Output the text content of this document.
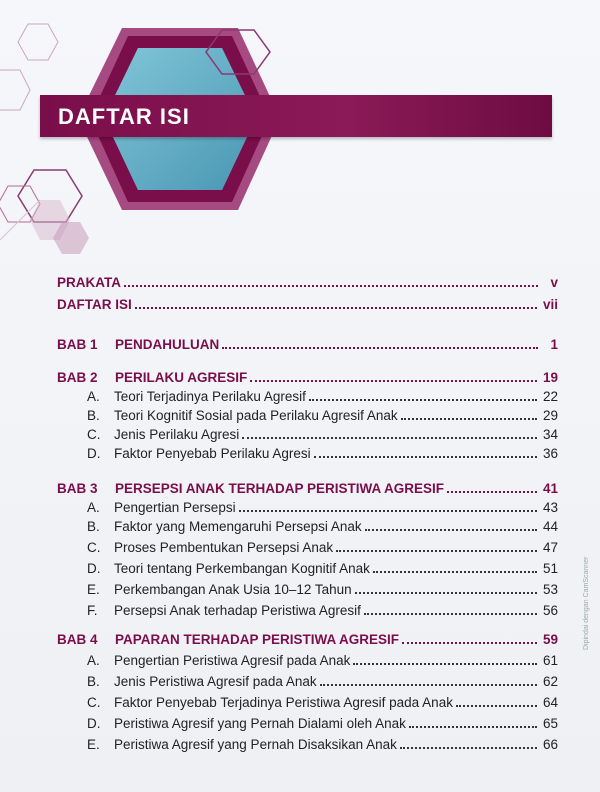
DAFTAR ISI
PRAKATA	v
DAFTAR ISI	vii
BAB 1	PENDAHULUAN	1
BAB 2	PERILAKU AGRESIF	19
A.	Teori Terjadinya Perilaku Agresif	22
B.	Teori Kognitif Sosial pada Perilaku Agresif Anak	29
C.	Jenis Perilaku Agresi	34
D.	Faktor Penyebab Perilaku Agresi	36
BAB 3	PERSEPSI ANAK TERHADAP PERISTIWA AGRESIF	41
A.	Pengertian Persepsi	43
B.	Faktor yang Memengaruhi Persepsi Anak	44
C.	Proses Pembentukan Persepsi Anak	47
D.	Teori tentang Perkembangan Kognitif Anak	51
E.	Perkembangan Anak Usia 10–12 Tahun	53
F.	Persepsi Anak terhadap Peristiwa Agresif	56
BAB 4	PAPARAN TERHADAP PERISTIWA AGRESIF	59
A.	Pengertian Peristiwa Agresif pada Anak	61
B.	Jenis Peristiwa Agresif pada Anak	62
C.	Faktor Penyebab Terjadinya Peristiwa Agresif pada Anak	64
D.	Peristiwa Agresif yang Pernah Dialami oleh Anak	65
E.	Peristiwa Agresif yang Pernah Disaksikan Anak	66
Dipindai dengan CamScanner
